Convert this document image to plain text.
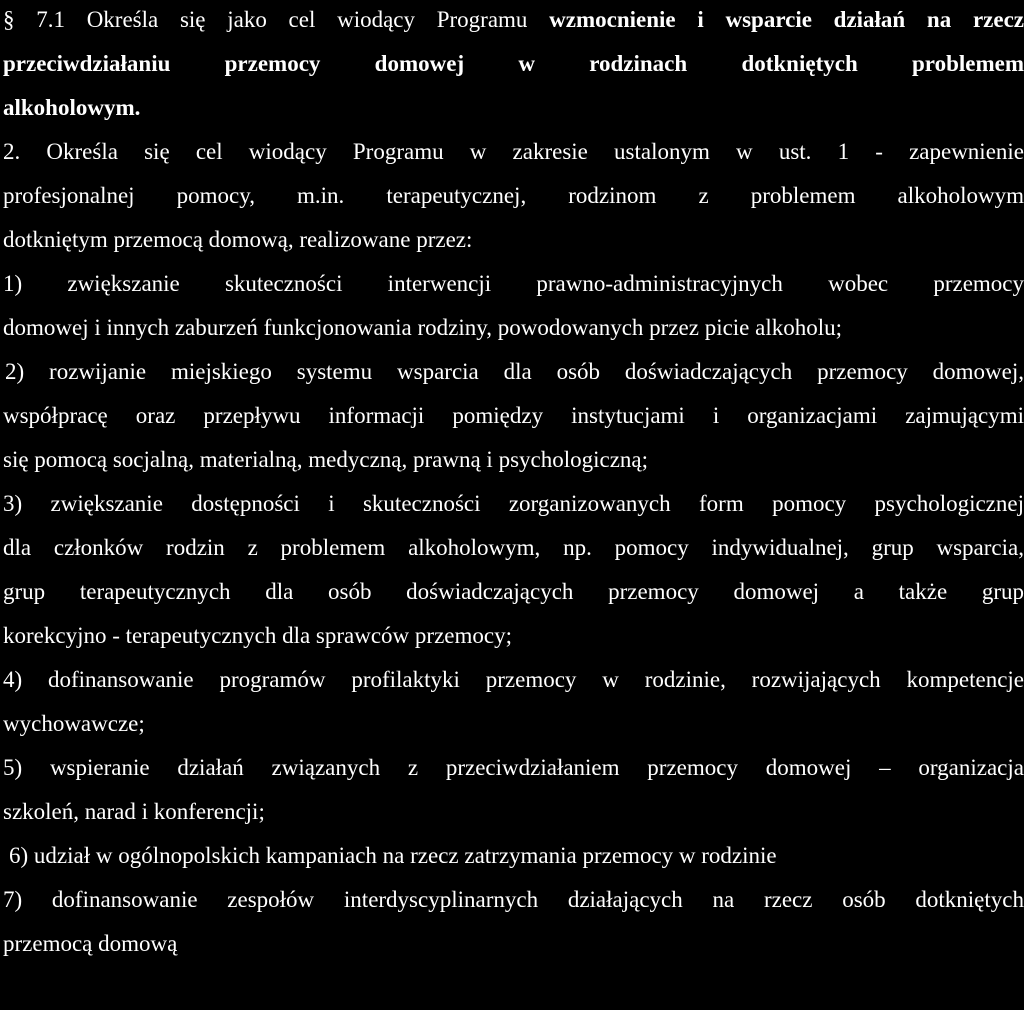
§ 7.1 Określa się jako cel wiodący Programu wzmocnienie i wsparcie działań na rzecz
przeciwdziałaniu przemocy domowej w rodzinach dotkniętych problemem
alkoholowym.
2. Określa się cel wiodący Programu w zakresie ustalonym w ust. 1 - zapewnienie
profesjonalnej pomocy, m.in. terapeutycznej, rodzinom z problemem alkoholowym
dotkniętym przemocą domową, realizowane przez:
1) zwiększanie skuteczności interwencji prawno-administracyjnych wobec przemocy
domowej i innych zaburzeń funkcjonowania rodziny, powodowanych przez picie alkoholu;
2) rozwijanie miejskiego systemu wsparcia dla osób doświadczających przemocy domowej,
współpracę oraz przepływu informacji pomiędzy instytucjami i organizacjami zajmującymi
się pomocą socjalną, materialną, medyczną, prawną i psychologiczną;
3) zwiększanie dostępności i skuteczności zorganizowanych form pomocy psychologicznej
dla członków rodzin z problemem alkoholowym, np. pomocy indywidualnej, grup wsparcia,
grup terapeutycznych dla osób doświadczających przemocy domowej a także grup
korekcyjno - terapeutycznych dla sprawców przemocy;
4) dofinansowanie programów profilaktyki przemocy w rodzinie, rozwijających kompetencje
wychowawcze;
5) wspieranie działań związanych z przeciwdziałaniem przemocy domowej – organizacja
szkoleń, narad i konferencji;
6) udział w ogólnopolskich kampaniach na rzecz zatrzymania przemocy w rodzinie
7) dofinansowanie zespołów interdyscyplinarnych działających na rzecz osób dotkniętych
przemocą domową
